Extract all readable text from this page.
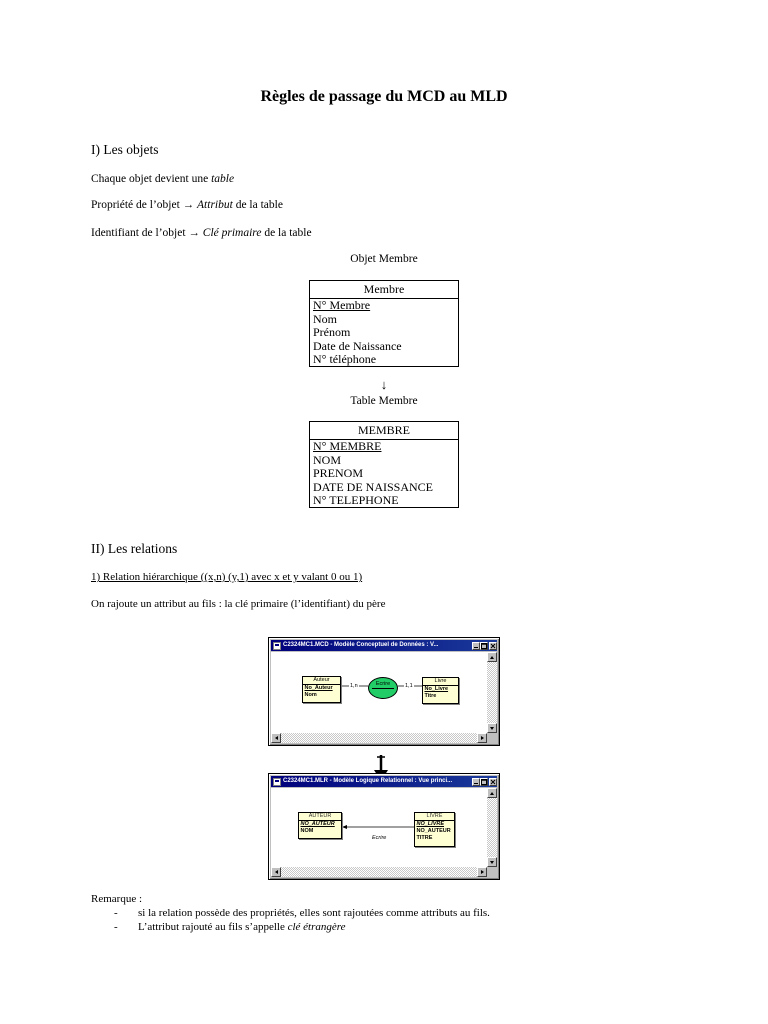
Règles de passage du MCD au MLD
I) Les objets
Chaque objet devient une table
Propriété de l’objet → Attribut de la table
Identifiant de l’objet → Clé primaire de la table
Objet Membre
Membre
N° Membre
Nom
Prénom
Date de Naissance
N° téléphone
↓
Table Membre
MEMBRE
N° MEMBRE
NOM
PRENOM
DATE DE NAISSANCE
N° TELEPHONE
II) Les relations
1) Relation hiérarchique ((x,n) (y,1) avec x et y valant 0 ou 1)
On rajoute un attribut au fils : la clé primaire (l’identifiant) du père
C2324MC1.MCD - Modèle Conceptuel de Données : V...
Auteur
No_Auteur
Nom
1,n	Ecrire	1,1
Livre
No_Livre
Titre
C2324MC1.MLR - Modèle Logique Relationnel : Vue princi...
AUTEUR
NO_AUTEUR
NOM
Ecrire
LIVRE
NO_LIVRE
NO_AUTEUR
TITRE
Remarque :
- si la relation possède des propriétés, elles sont rajoutées comme attributs au fils.
- L’attribut rajouté au fils s’appelle clé étrangère
